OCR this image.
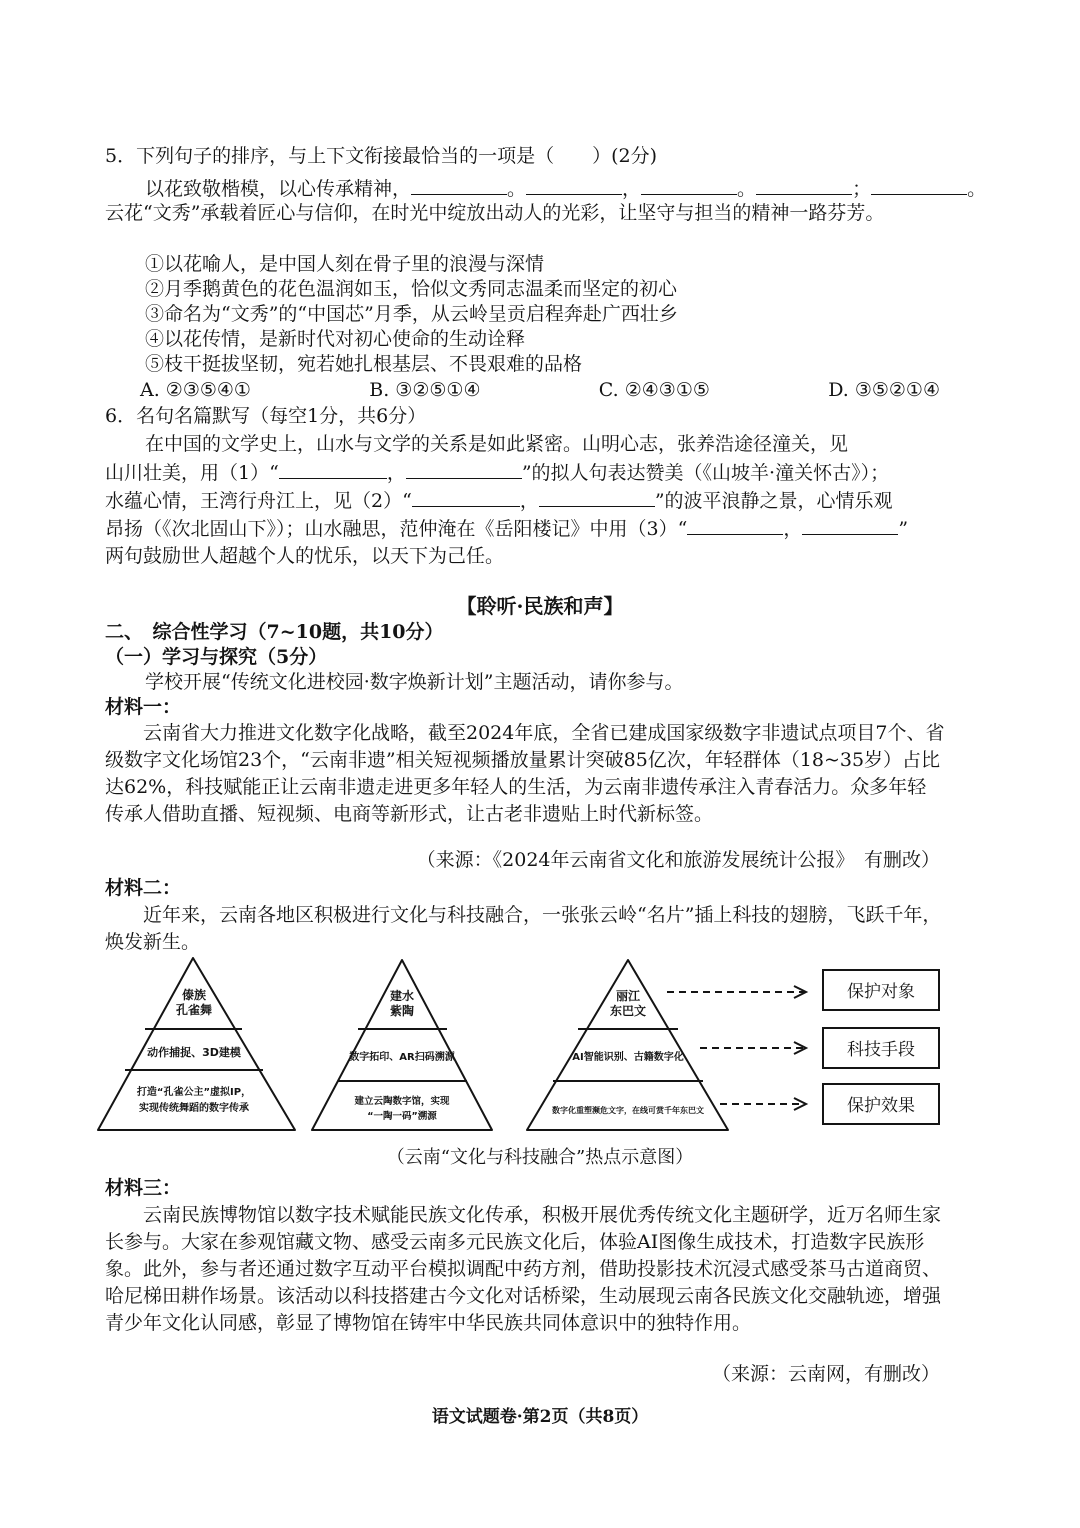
5．下列句子的排序，与上下文衔接最恰当的一项是（　　）(2分)
以花致敬楷模，以心传承精神，	。	，	。	；	。
云花“文秀”承载着匠心与信仰，在时光中绽放出动人的光彩，让坚守与担当的精神一路芬芳。
①以花喻人，是中国人刻在骨子里的浪漫与深情
②月季鹅黄色的花色温润如玉，恰似文秀同志温柔而坚定的初心
③命名为“文秀”的“中国芯”月季，从云岭呈贡启程奔赴广西壮乡
④以花传情，是新时代对初心使命的生动诠释
⑤枝干挺拔坚韧，宛若她扎根基层、不畏艰难的品格
A. ②③⑤④①	B. ③②⑤①④	C. ②④③①⑤	D. ③⑤②①④
6．名句名篇默写（每空1分，共6分）
在中国的文学史上，山水与文学的关系是如此紧密。山明心志，张养浩途径潼关，见
山川壮美，用（1）“	，	”的拟人句表达赞美（《山坡羊·潼关怀古》）；
水蕴心情，王湾行舟江上，见（2）“	，	”的波平浪静之景，心情乐观
昂扬（《次北固山下》）；山水融思，范仲淹在《岳阳楼记》中用（3）“	，	”
两句鼓励世人超越个人的忧乐，以天下为己任。
【聆听·民族和声】
二、　综合性学习（7~10题，共10分）
（一）学习与探究（5分）
学校开展“传统文化进校园·数字焕新计划”主题活动，请你参与。
材料一：
云南省大力推进文化数字化战略，截至2024年底，全省已建成国家级数字非遗试点项目7个、省级数字文化场馆23个，“云南非遗”相关短视频播放量累计突破85亿次，年轻群体（18~35岁）占比达62%，科技赋能正让云南非遗走进更多年轻人的生活，为云南非遗传承注入青春活力。众多年轻传承人借助直播、短视频、电商等新形式，让古老非遗贴上时代新标签。
（来源：《2024年云南省文化和旅游发展统计公报》　有删改）
材料二：
近年来，云南各地区积极进行文化与科技融合，一张张云岭“名片”插上科技的翅膀，飞跃千年，焕发新生。
傣族
孔雀舞
动作捕捉、3D建模
打造“孔雀公主”虚拟IP，
实现传统舞蹈的数字传承
建水
紫陶
数字拓印、AR扫码溯源
建立云陶数字馆，实现
“一陶一码”溯源
丽江
东巴文
AI智能识别、古籍数字化
数字化重塑濒危文字，在线可赏千年东巴文
保护对象
科技手段
保护效果
（云南“文化与科技融合”热点示意图）
材料三：
云南民族博物馆以数字技术赋能民族文化传承，积极开展优秀传统文化主题研学，近万名师生家长参与。大家在参观馆藏文物、感受云南多元民族文化后，体验AI图像生成技术，打造数字民族形象。此外，参与者还通过数字互动平台模拟调配中药方剂，借助投影技术沉浸式感受茶马古道商贸、哈尼梯田耕作场景。该活动以科技搭建古今文化对话桥梁，生动展现云南各民族文化交融轨迹，增强青少年文化认同感，彰显了博物馆在铸牢中华民族共同体意识中的独特作用。
（来源：云南网，有删改）
语文试题卷·第2页（共8页）
